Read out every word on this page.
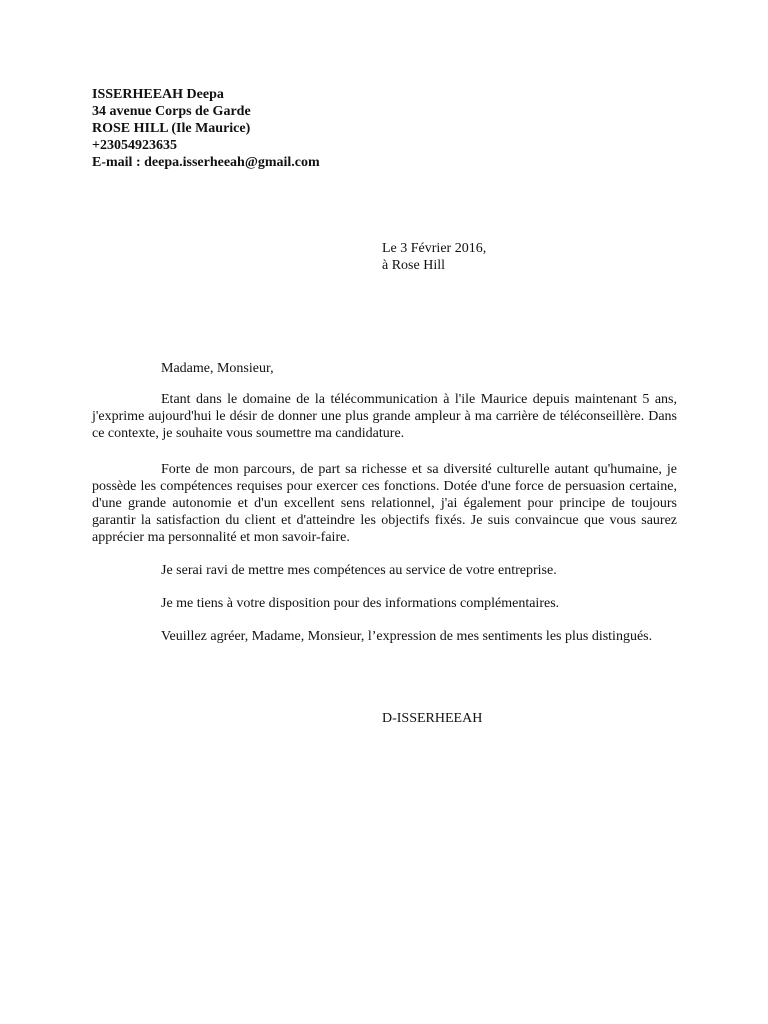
ISSERHEEAH Deepa
34 avenue Corps de Garde
ROSE HILL (Ile Maurice)
+23054923635
E-mail : deepa.isserheeah@gmail.com
Le 3 Février 2016,
à Rose Hill
Madame, Monsieur,

Etant dans le domaine de la télécommunication à l'ile Maurice depuis maintenant 5 ans, j'exprime aujourd'hui le désir de donner une plus grande ampleur à ma carrière de téléconseillère. Dans ce contexte, je souhaite vous soumettre ma candidature.

Forte de mon parcours, de part sa richesse et sa diversité culturelle autant qu'humaine, je possède les compétences requises pour exercer ces fonctions. Dotée d'une force de persuasion certaine, d'une grande autonomie et d'un excellent sens relationnel, j'ai également pour principe de toujours garantir la satisfaction du client et d'atteindre les objectifs fixés. Je suis convaincue que vous saurez apprécier ma personnalité et mon savoir-faire.

Je serai ravi de mettre mes compétences au service de votre entreprise.

Je me tiens à votre disposition pour des informations complémentaires.

Veuillez agréer, Madame, Monsieur, l’expression de mes sentiments les plus distingués.

D-ISSERHEEAH
